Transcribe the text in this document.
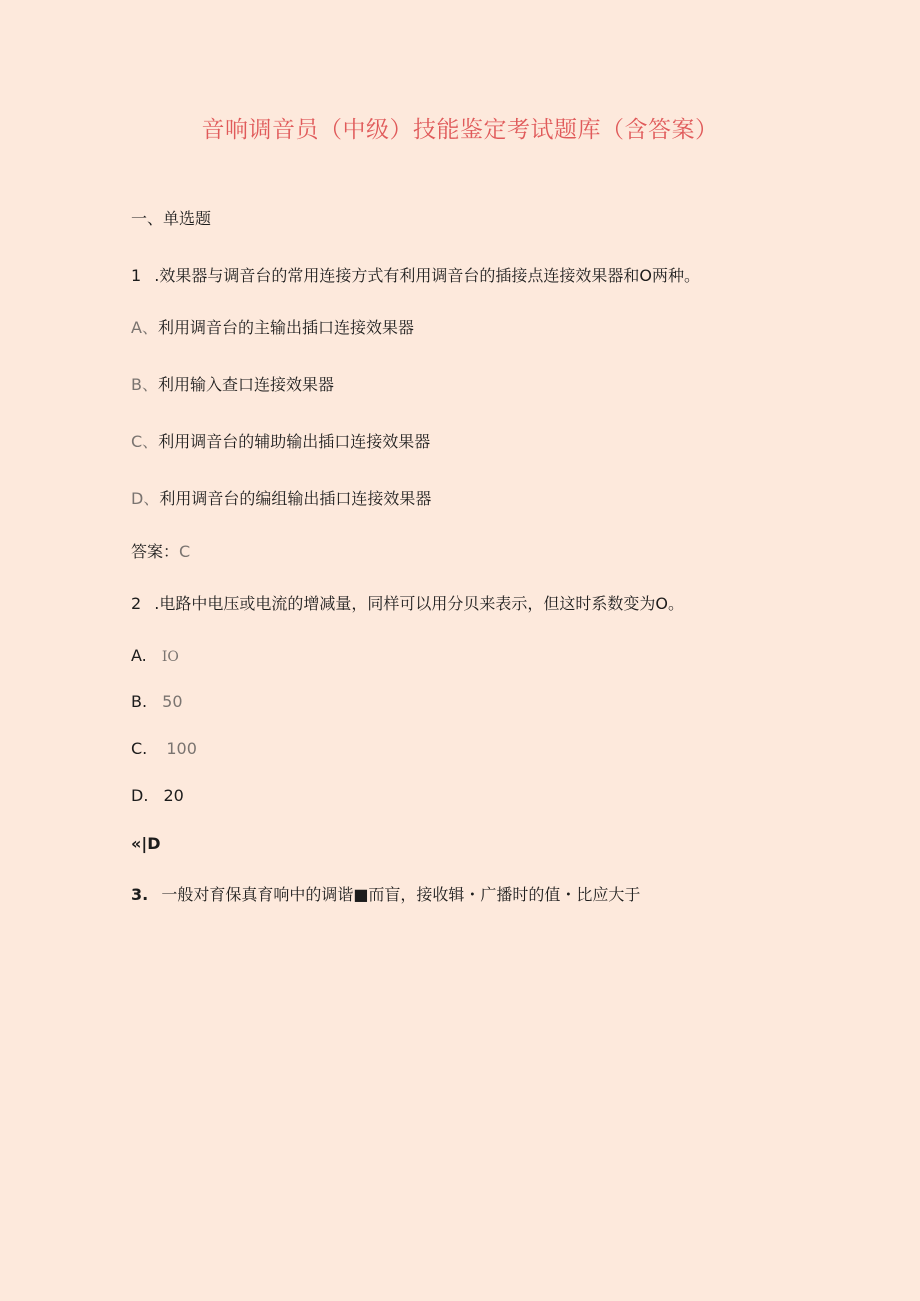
音响调音员（中级）技能鉴定考试题库（含答案）
一、单选题
1 .效果器与调音台的常用连接方式有利用调音台的插接点连接效果器和O两种。
A、利用调音台的主输出插口连接效果器
B、利用输入查口连接效果器
C、利用调音台的辅助输出插口连接效果器
D、利用调音台的编组输出插口连接效果器
答案：C
2 .电路中电压或电流的增减量，同样可以用分贝来表示，但这时系数变为O。
A. IO
B. 50
C. 100
D. 20
«|D
3. 一般对育保真育响中的调谐■而盲，接收辑・广播时的值・比应大于
